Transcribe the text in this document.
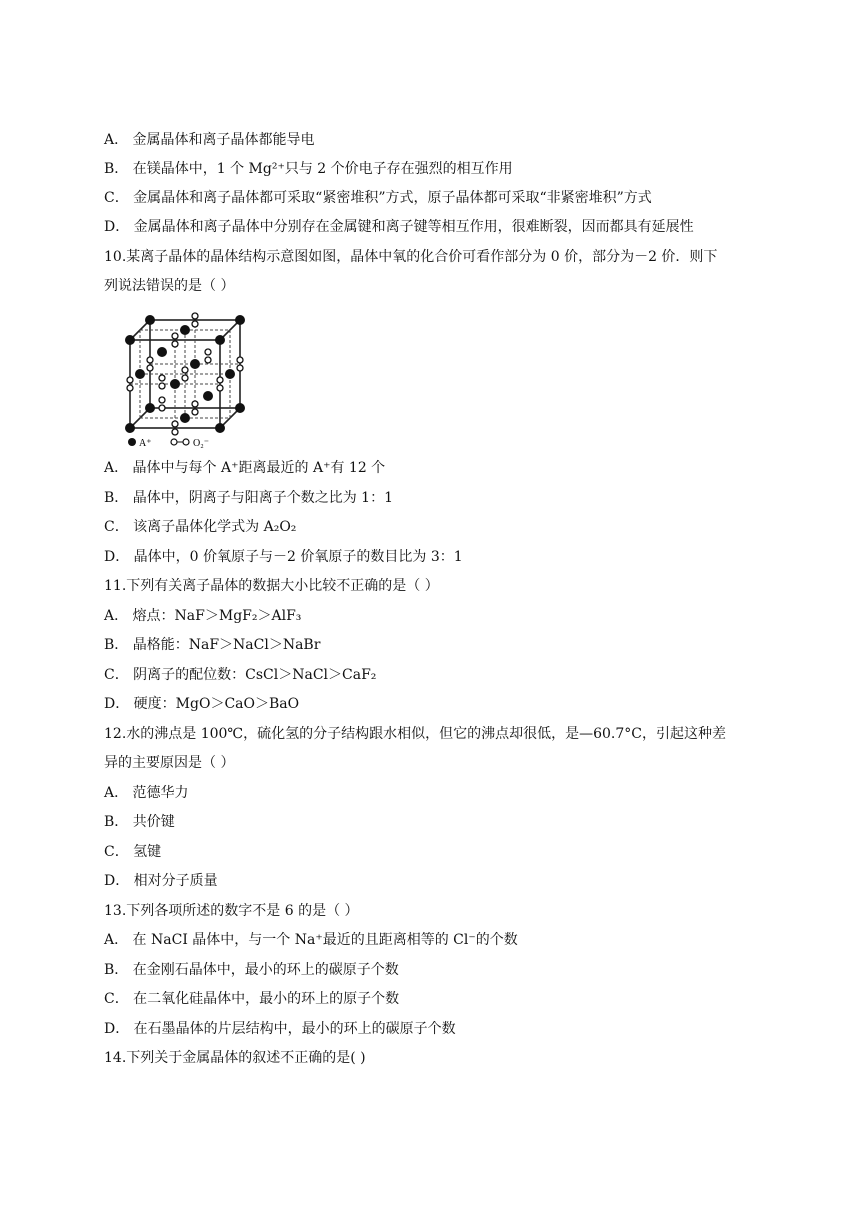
A． 金属晶体和离子晶体都能导电
B． 在镁晶体中，1 个 Mg²⁺只与 2 个价电子存在强烈的相互作用
C． 金属晶体和离子晶体都可采取“紧密堆积”方式，原子晶体都可采取“非紧密堆积”方式
D． 金属晶体和离子晶体中分别存在金属键和离子键等相互作用，很难断裂，因而都具有延展性
10.某离子晶体的晶体结构示意图如图，晶体中氧的化合价可看作部分为 0 价，部分为－2 价．则下
列说法错误的是（ ）
A⁺	O₂⁻
A． 晶体中与每个 A⁺距离最近的 A⁺有 12 个
B． 晶体中，阴离子与阳离子个数之比为 1：1
C． 该离子晶体化学式为 A₂O₂
D． 晶体中，0 价氧原子与－2 价氧原子的数目比为 3：1
11.下列有关离子晶体的数据大小比较不正确的是（ ）
A． 熔点：NaF＞MgF₂＞AlF₃
B． 晶格能：NaF＞NaCl＞NaBr
C． 阴离子的配位数：CsCl＞NaCl＞CaF₂
D． 硬度：MgO＞CaO＞BaO
12.水的沸点是 100℃，硫化氢的分子结构跟水相似，但它的沸点却很低，是—60.7°C，引起这种差
异的主要原因是（ ）
A． 范德华力
B． 共价键
C． 氢键
D． 相对分子质量
13.下列各项所述的数字不是 6 的是（ ）
A． 在 NaCI 晶体中，与一个 Na⁺最近的且距离相等的 Cl⁻的个数
B． 在金刚石晶体中，最小的环上的碳原子个数
C． 在二氧化硅晶体中，最小的环上的原子个数
D． 在石墨晶体的片层结构中，最小的环上的碳原子个数
14.下列关于金属晶体的叙述不正确的是( )
